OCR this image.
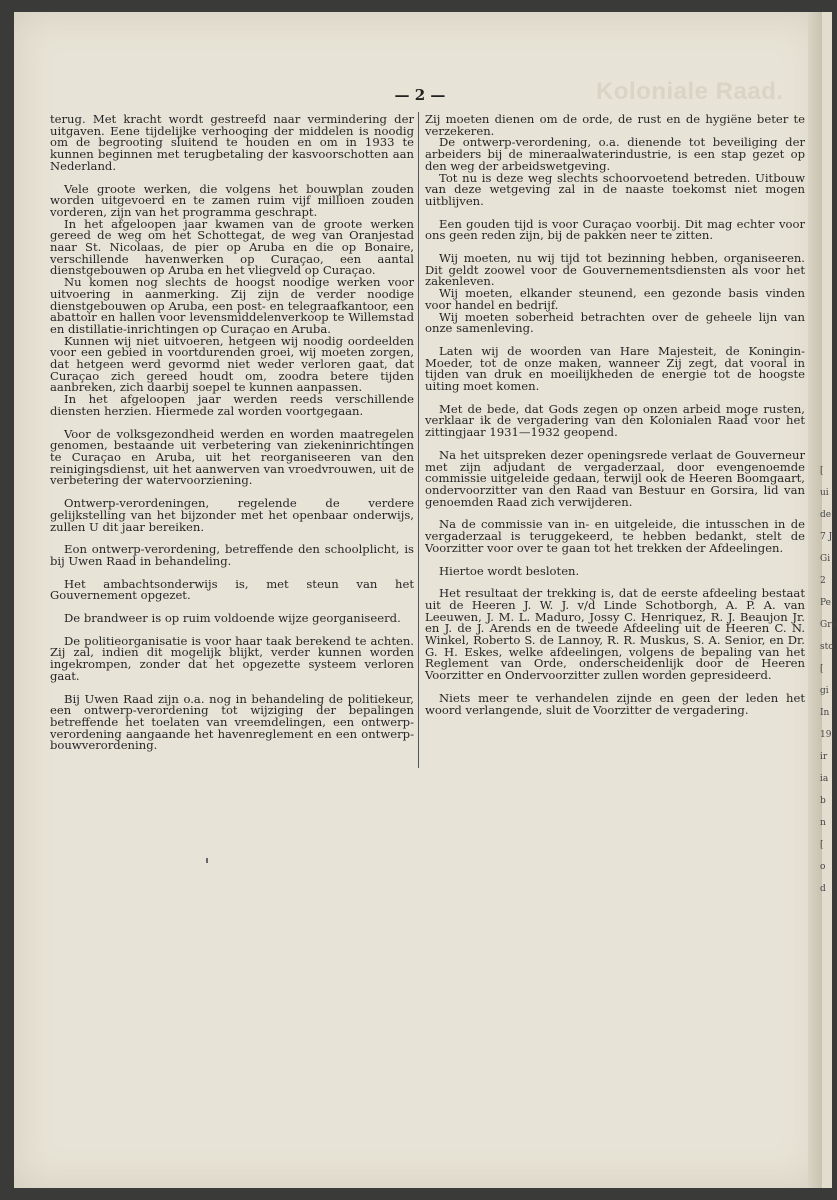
Koloniale Raad.
— 2 —

terug. Met kracht wordt gestreefd naar vermindering der uitgaven. Eene tijdelijke verhooging der middelen is noodig om de begrooting sluitend te houden en om in 1933 te kunnen beginnen met terugbetaling der kasvoorschotten aan Nederland.

Vele groote werken, die volgens het bouwplan zouden worden uitgevoerd en te zamen ruim vijf millioen zouden vorderen, zijn van het programma geschrapt.

In het afgeloopen jaar kwamen van de groote werken gereed de weg om het Schottegat, de weg van Oranjestad naar St. Nicolaas, de pier op Aruba en die op Bonaire, verschillende havenwerken op Curaçao, een aantal dienstgebouwen op Aruba en het vliegveld op Curaçao.

Nu komen nog slechts de hoogst noodige werken voor uitvoering in aanmerking. Zij zijn de verder noodige dienstgebouwen op Aruba, een post- en telegraafkantoor, een abattoir en hallen voor levensmiddelenverkoop te Willemstad en distillatie-inrichtingen op Curaçao en Aruba.

Kunnen wij niet uitvoeren, hetgeen wij noodig oordeelden voor een gebied in voortdurenden groei, wij moeten zorgen, dat hetgeen werd gevormd niet weder verloren gaat, dat Curaçao zich gereed houdt om, zoodra betere tijden aanbreken, zich daarbij soepel te kunnen aanpassen.

In het afgeloopen jaar werden reeds verschillende diensten herzien. Hiermede zal worden voortgegaan.

Voor de volksgezondheid werden en worden maatregelen genomen, bestaande uit verbetering van ziekeninrichtingen te Curaçao en Aruba, uit het reorganiseeren van den reinigingsdienst, uit het aanwerven van vroedvrouwen, uit de verbetering der watervoorziening.

Ontwerp-verordeningen, regelende de verdere gelijkstelling van het bijzonder met het openbaar onderwijs, zullen U dit jaar bereiken.

Eon ontwerp-verordening, betreffende den schoolplicht, is bij Uwen Raad in behandeling.

Het ambachtsonderwijs is, met steun van het Gouvernement opgezet.

De brandweer is op ruim voldoende wijze georganiseerd.

De politieorganisatie is voor haar taak berekend te achten. Zij zal, indien dit mogelijk blijkt, verder kunnen worden ingekrompen, zonder dat het opgezette systeem verloren gaat.

Bij Uwen Raad zijn o.a. nog in behandeling de politiekeur, een ontwerp-verordening tot wijziging der bepalingen betreffende het toelaten van vreemdelingen, een ontwerp-verordening aangaande het havenreglement en een ontwerp-bouwverordening.

Zij moeten dienen om de orde, de rust en de hygiëne beter te verzekeren.

De ontwerp-verordening, o.a. dienende tot beveiliging der arbeiders bij de mineraalwaterindustrie, is een stap gezet op den weg der arbeidswetgeving.

Tot nu is deze weg slechts schoorvoetend betreden. Uitbouw van deze wetgeving zal in de naaste toekomst niet mogen uitblijven.

Een gouden tijd is voor Curaçao voorbij. Dit mag echter voor ons geen reden zijn, bij de pakken neer te zitten.

Wij moeten, nu wij tijd tot bezinning hebben, organiseeren. Dit geldt zoowel voor de Gouvernementsdiensten als voor het zakenleven.

Wij moeten, elkander steunend, een gezonde basis vinden voor handel en bedrijf.

Wij moeten soberheid betrachten over de geheele lijn van onze samenleving.

Laten wij de woorden van Hare Majesteit, de Koningin-Moeder, tot de onze maken, wanneer Zij zegt, dat vooral in tijden van druk en moeilijkheden de energie tot de hoogste uiting moet komen.

Met de bede, dat Gods zegen op onzen arbeid moge rusten, verklaar ik de vergadering van den Kolonialen Raad voor het zittingjaar 1931—1932 geopend.

Na het uitspreken dezer openingsrede verlaat de Gouverneur met zijn adjudant de vergaderzaal, door evengenoemde commissie uitgeleide gedaan, terwijl ook de Heeren Boomgaart, ondervoorzitter van den Raad van Bestuur en Gorsira, lid van genoemden Raad zich verwijderen.

Na de commissie van in- en uitgeleide, die intusschen in de vergaderzaal is teruggekeerd, te hebben bedankt, stelt de Voorzitter voor over te gaan tot het trekken der Afdeelingen.

Hiertoe wordt besloten.

Het resultaat der trekking is, dat de eerste afdeeling bestaat uit de Heeren J. W. J. v/d Linde Schotborgh, A. P. A. van Leeuwen, J. M. L. Maduro, Jossy C. Henriquez, R. J. Beaujon Jr. en J. de J. Arends en de tweede Afdeeling uit de Heeren C. N. Winkel, Roberto S. de Lannoy, R. R. Muskus, S. A. Senior, en Dr. G. H. Eskes, welke afdeelingen, volgens de bepaling van het Reglement van Orde, onderscheidenlijk door de Heeren Voorzitter en Ondervoorzitter zullen worden gepresideerd.

Niets meer te verhandelen zijnde en geen der leden het woord verlangende, sluit de Voorzitter de vergadering.

[
ui
de
7 J
Gi
2
Pe
Gro
sto
[
gi
In
19
ir
ia
b
n
[
o
d
